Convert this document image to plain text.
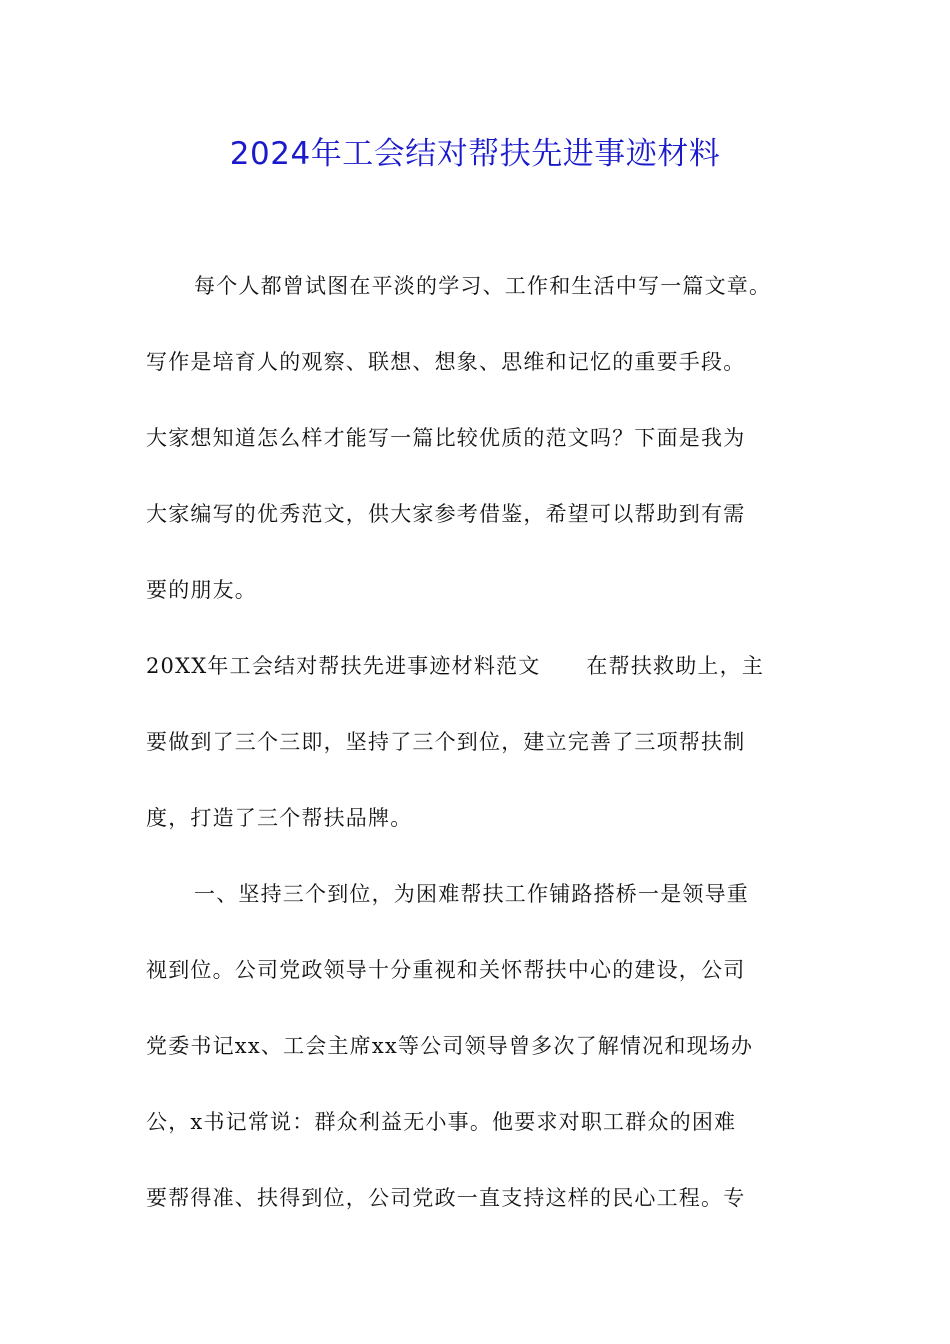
2024年工会结对帮扶先进事迹材料
每个人都曾试图在平淡的学习、工作和生活中写一篇文章。
写作是培育人的观察、联想、想象、思维和记忆的重要手段。
大家想知道怎么样才能写一篇比较优质的范文吗？下面是我为
大家编写的优秀范文，供大家参考借鉴，希望可以帮助到有需
要的朋友。
20XX年工会结对帮扶先进事迹材料范文 在帮扶救助上，主
要做到了三个三即，坚持了三个到位，建立完善了三项帮扶制
度，打造了三个帮扶品牌。
一、坚持三个到位，为困难帮扶工作铺路搭桥一是领导重
视到位。公司党政领导十分重视和关怀帮扶中心的建设，公司
党委书记xx、工会主席xx等公司领导曾多次了解情况和现场办
公，x书记常说：群众利益无小事。他要求对职工群众的困难
要帮得准、扶得到位，公司党政一直支持这样的民心工程。专
